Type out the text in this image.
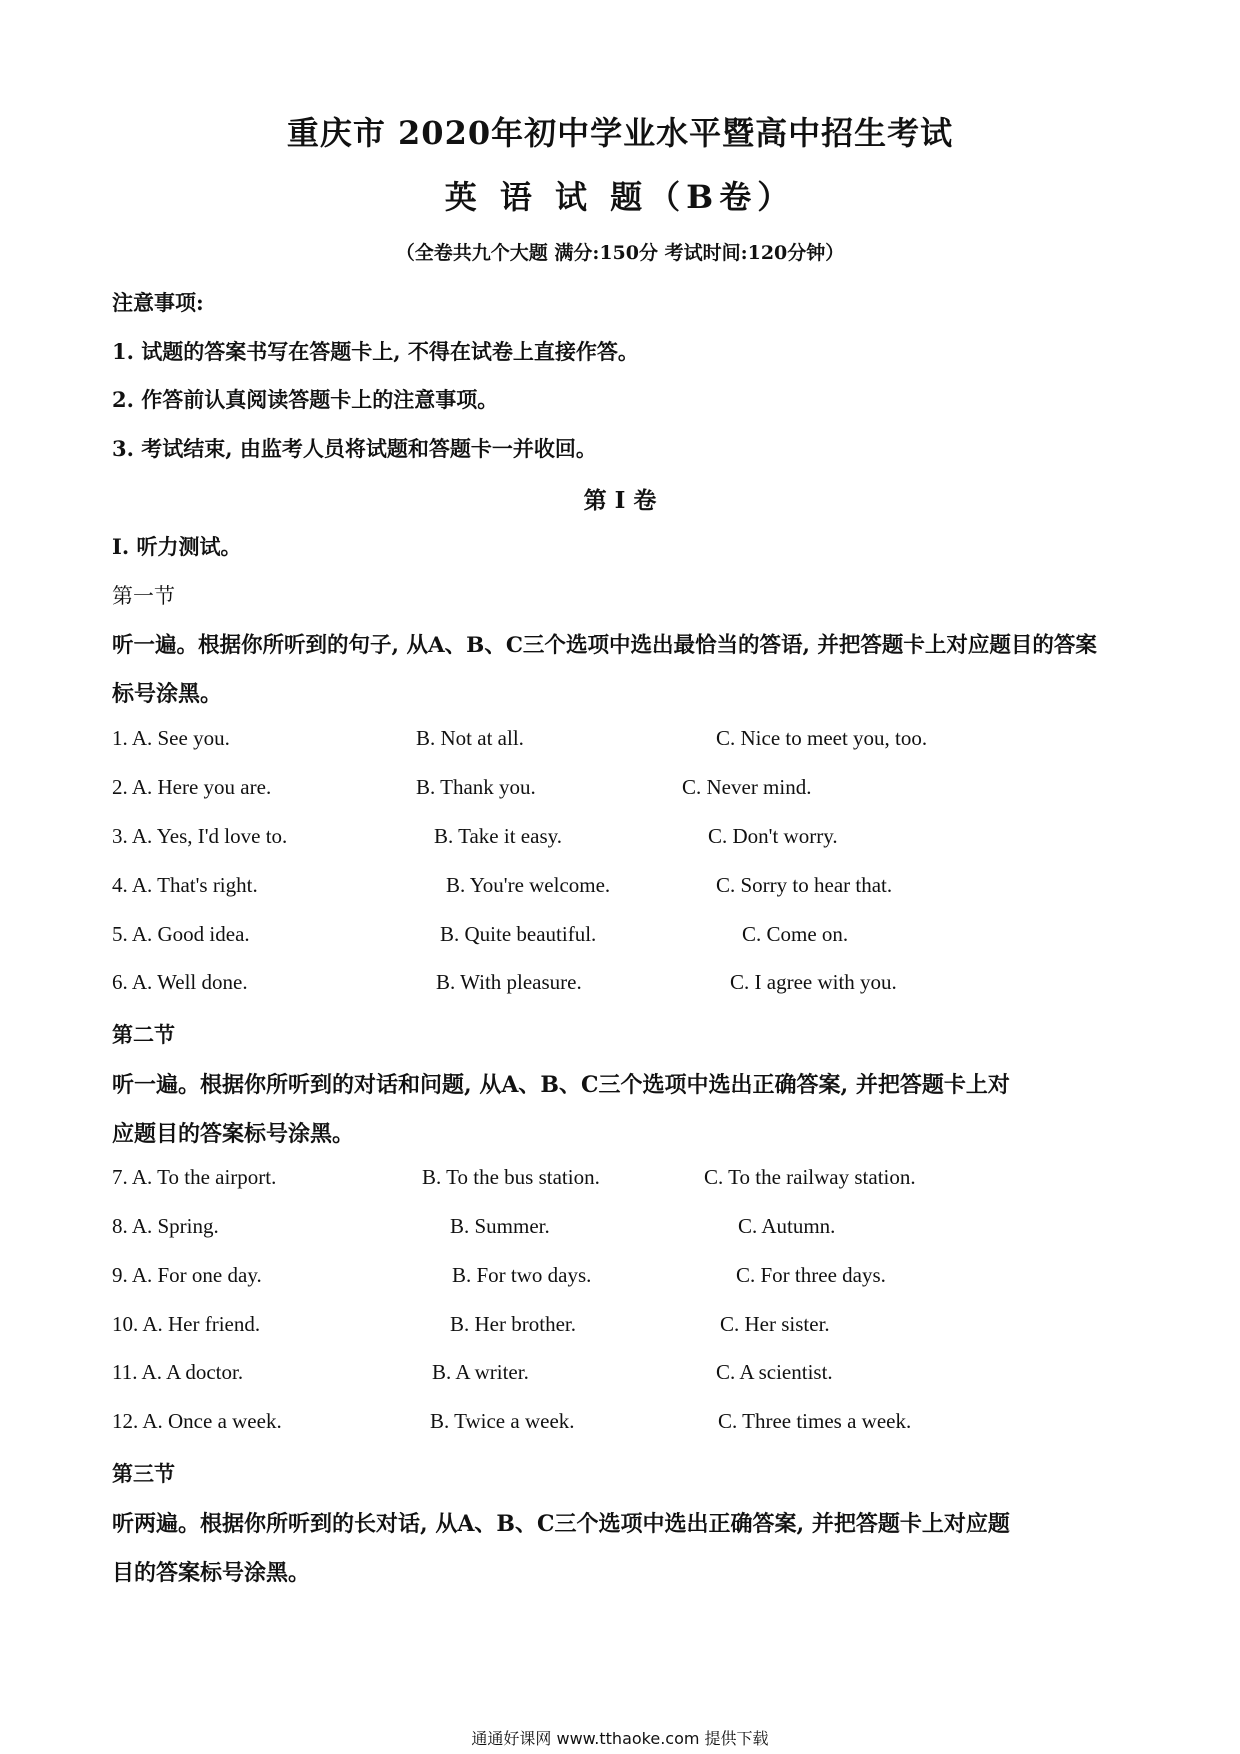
重庆市 2020年初中学业水平暨高中招生考试
英 语 试 题（B卷）
（全卷共九个大题 满分:150分 考试时间:120分钟）
注意事项:
1. 试题的答案书写在答题卡上, 不得在试卷上直接作答。
2. 作答前认真阅读答题卡上的注意事项。
3. 考试结束, 由监考人员将试题和答题卡一并收回。
第 I 卷
I. 听力测试。
第一节
听一遍。根据你所听到的句子, 从A、B、C三个选项中选出最恰当的答语, 并把答题卡上对应题目的答案
标号涂黑。
1. A. See you.	B. Not at all.	C. Nice to meet you, too.
2. A. Here you are.	B. Thank you.	C. Never mind.
3. A. Yes, I'd love to.	B. Take it easy.	C. Don't worry.
4. A. That's right.	B. You're welcome.	C. Sorry to hear that.
5. A. Good idea.	B. Quite beautiful.	C. Come on.
6. A. Well done.	B. With pleasure.	C. I agree with you.
第二节
听一遍。根据你所听到的对话和问题, 从A、B、C三个选项中选出正确答案, 并把答题卡上对
应题目的答案标号涂黑。
7. A. To the airport.	B. To the bus station.	C. To the railway station.
8. A. Spring.	B. Summer.	C. Autumn.
9. A. For one day.	B. For two days.	C. For three days.
10. A. Her friend.	B. Her brother.	C. Her sister.
11. A. A doctor.	B. A writer.	C. A scientist.
12. A. Once a week.	B. Twice a week.	C. Three times a week.
第三节
听两遍。根据你所听到的长对话, 从A、B、C三个选项中选出正确答案, 并把答题卡上对应题
目的答案标号涂黑。
通通好课网 www.tthaoke.com 提供下载
